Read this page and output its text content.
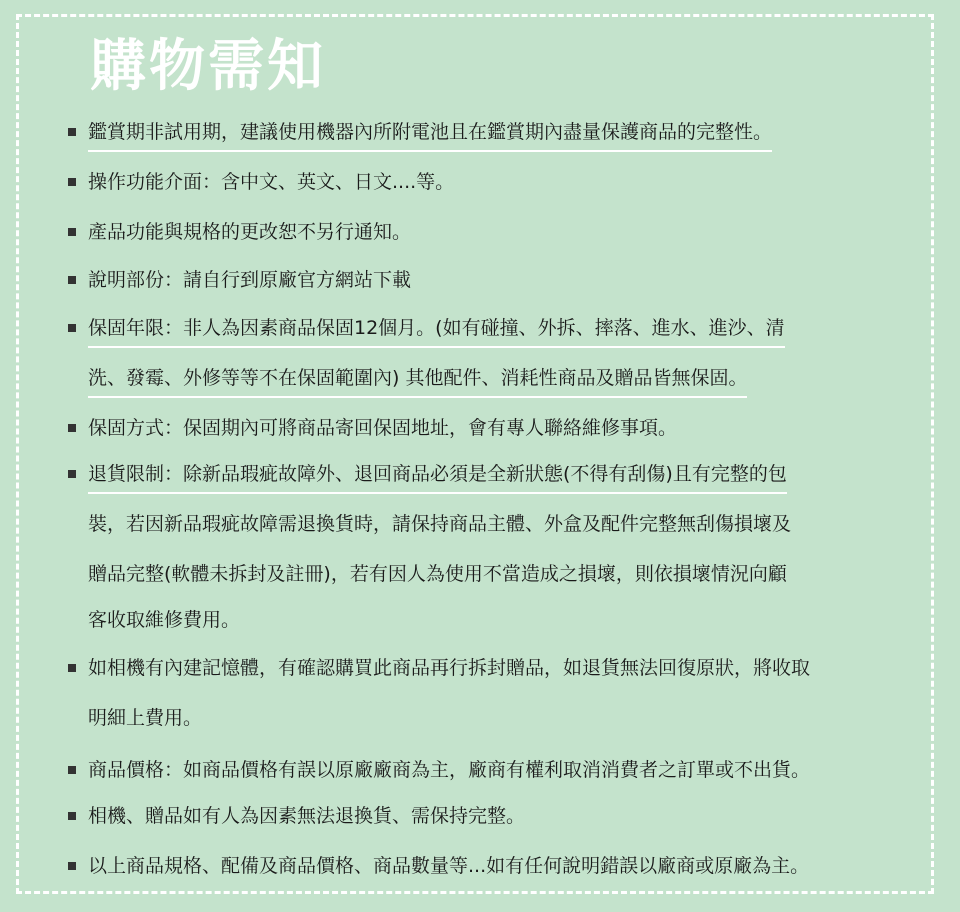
購物需知
鑑賞期非試用期，建議使用機器內所附電池且在鑑賞期內盡量保護商品的完整性。
操作功能介面：含中文、英文、日文....等。
產品功能與規格的更改恕不另行通知。
說明部份：請自行到原廠官方網站下載
保固年限：非人為因素商品保固12個月。(如有碰撞、外拆、摔落、進水、進沙、清
洗、發霉、外修等等不在保固範圍內) 其他配件、消耗性商品及贈品皆無保固。
保固方式：保固期內可將商品寄回保固地址，會有專人聯絡維修事項。
退貨限制：除新品瑕疵故障外、退回商品必須是全新狀態(不得有刮傷)且有完整的包
裝，若因新品瑕疵故障需退換貨時，請保持商品主體、外盒及配件完整無刮傷損壞及
贈品完整(軟體未拆封及註冊)，若有因人為使用不當造成之損壞，則依損壞情況向顧
客收取維修費用。
如相機有內建記憶體，有確認購買此商品再行拆封贈品，如退貨無法回復原狀，將收取
明細上費用。
商品價格：如商品價格有誤以原廠廠商為主，廠商有權利取消消費者之訂單或不出貨。
相機、贈品如有人為因素無法退換貨、需保持完整。
以上商品規格、配備及商品價格、商品數量等...如有任何說明錯誤以廠商或原廠為主。
